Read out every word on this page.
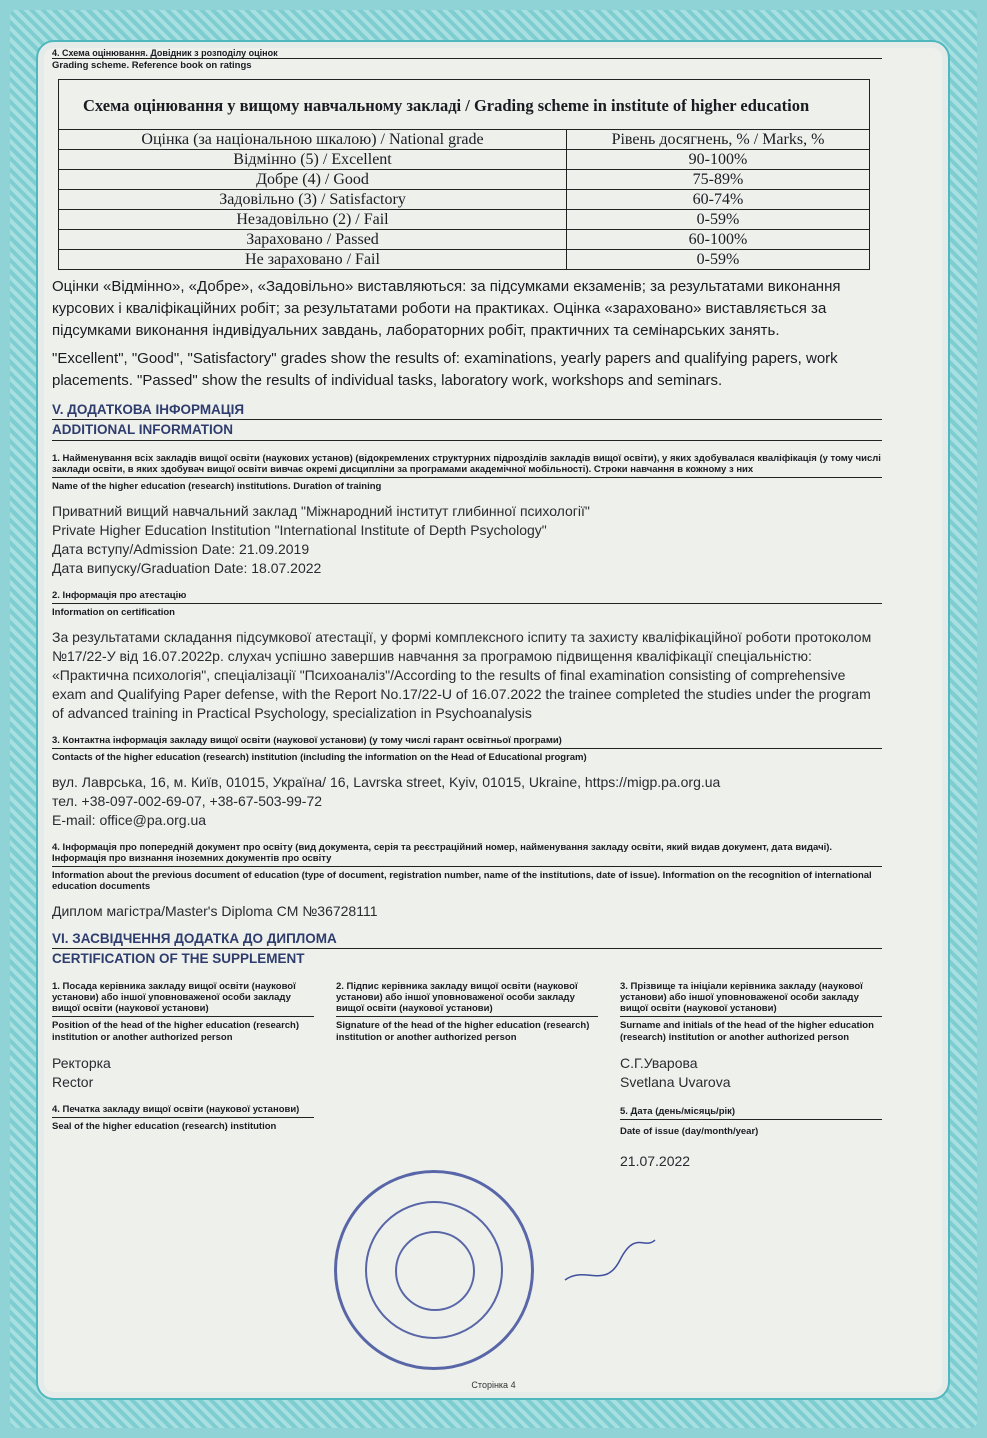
4. Схема оцінювання. Довідник з розподілу оцінок
Grading scheme. Reference book on ratings
Схема оцінювання у вищому навчальному закладі / Grading scheme in institute of higher education	
Оцінка (за національною шкалою) / National grade	Рівень досягнень, % / Marks, %
Відмінно (5) / Excellent	90-100%
Добре (4) / Good	75-89%
Задовільно (3) / Satisfactory	60-74%
Незадовільно (2) / Fail	0-59%
Зараховано / Passed	60-100%
Не зараховано / Fail	0-59%
Оцінки «Відмінно», «Добре», «Задовільно» виставляються: за підсумками екзаменів; за результатами виконання курсових і кваліфікаційних робіт; за результатами роботи на практиках. Оцінка «зараховано» виставляється за підсумками виконання індивідуальних завдань, лабораторних робіт, практичних та семінарських занять.
"Excellent", "Good", "Satisfactory" grades show the results of: examinations, yearly papers and qualifying papers, work placements. "Passed" show the results of individual tasks, laboratory work, workshops and seminars.
V. ДОДАТКОВА ІНФОРМАЦІЯ
ADDITIONAL INFORMATION
1. Найменування всіх закладів вищої освіти (наукових установ) (відокремлених структурних підрозділів закладів вищої освіти), у яких здобувалася кваліфікація (у тому числі заклади освіти, в яких здобувач вищої освіти вивчає окремі дисципліни за програмами академічної мобільності). Строки навчання в кожному з них
Name of the higher education (research) institutions. Duration of training
Приватний вищий навчальний заклад "Міжнародний інститут глибинної психології"
Private Higher Education Institution "International Institute of Depth Psychology"
Дата вступу/Admission Date: 21.09.2019
Дата випуску/Graduation Date: 18.07.2022
2. Інформація про атестацію
Information on certification
За результатами складання підсумкової атестації, у формі комплексного іспиту та захисту кваліфікаційної роботи протоколом №17/22-У від 16.07.2022р. слухач успішно завершив навчання за програмою підвищення кваліфікації спеціальністю: «Практична психологія", спеціалізації "Психоаналіз"/According to the results of final examination consisting of comprehensive exam and Qualifying Paper defense, with the Report No.17/22-U of 16.07.2022 the trainee completed the studies under the program of advanced training in Practical Psychology, specialization in Psychoanalysis
3. Контактна інформація закладу вищої освіти (наукової установи) (у тому числі гарант освітньої програми)
Contacts of the higher education (research) institution (including the information on the Head of Educational program)
вул. Лаврська, 16, м. Київ, 01015, Україна/ 16, Lavrska street, Kyiv, 01015, Ukraine, https://migp.pa.org.ua
тел. +38-097-002-69-07, +38-67-503-99-72
E-mail: office@pa.org.ua
4. Інформація про попередній документ про освіту (вид документа, серія та реєстраційний номер, найменування закладу освіти, який видав документ, дата видачі). Інформація про визнання іноземних документів про освіту
Information about the previous document of education (type of document, registration number, name of the institutions, date of issue). Information on the recognition of international education documents
Диплом магістра/Master's Diploma CM №36728111
VI. ЗАСВІДЧЕННЯ ДОДАТКА ДО ДИПЛОМА
CERTIFICATION OF THE SUPPLEMENT
1. Посада керівника закладу вищої освіти (наукової установи) або іншої уповноваженої особи закладу вищої освіти (наукової установи)
Position of the head of the higher education (research) institution or another authorized person
Ректорка
Rector
4. Печатка закладу вищої освіти (наукової установи)
Seal of the higher education (research) institution
2. Підпис керівника закладу вищої освіти (наукової установи) або іншої уповноваженої особи закладу вищої освіти (наукової установи)
Signature of the head of the higher education (research) institution or another authorized person
3. Прізвище та ініціали керівника закладу (наукової установи) або іншої уповноваженої особи закладу вищої освіти (наукової установи)
Surname and initials of the head of the higher education (research) institution or another authorized person
С.Г.Уварова
Svetlana Uvarova
5. Дата (день/місяць/рік)
Date of issue (day/month/year)
21.07.2022
Сторінка 4
